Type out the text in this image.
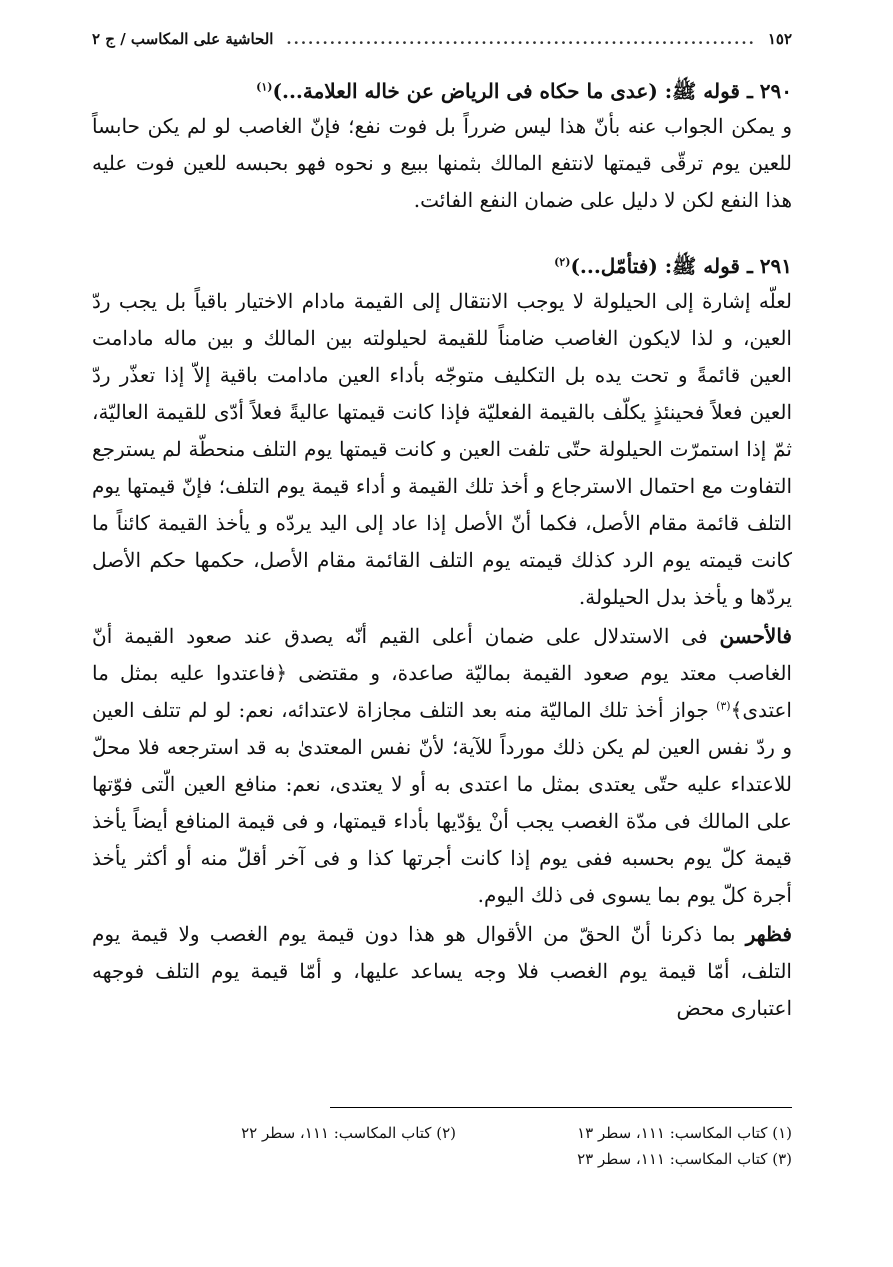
١٥٢
.....
الحاشية على المكاسب / ج ٢

٢٩٠ ـ قوله ﷺ: (عدى ما حكاه فى الرياض عن خاله العلامة...)$^{(١)}$

و يمكن الجواب عنه بأنّ هذا ليس ضرراً بل فوت نفع؛ فإنّ الغاصب لو لم يكن حابساً للعين يوم ترقّى قيمتها لانتفع المالك بثمنها ببيع و نحوه فهو بحبسه للعين فوت عليه هذا النفع لكن لا دليل على ضمان النفع الفائت.

٢٩١ ـ قوله ﷺ: (فتأمّل...)$^{(٢)}$

لعلّه إشارة إلى الحيلولة لا يوجب الانتقال إلى القيمة مادام الاختيار باقياً بل يجب ردّ العين، و لذا لايكون الغاصب ضامناً للقيمة لحيلولته بين المالك و بين ماله مادامت العين قائمةً و تحت يده بل التكليف متوجّه بأداء العين مادامت باقية إلاّ إذا تعذّر ردّ العين فعلاً فحينئذٍ يكلّف بالقيمة الفعليّة فإذا كانت قيمتها عاليةً فعلاً أدّى للقيمة العاليّة، ثمّ إذا استمرّت الحيلولة حتّى تلفت العين و كانت قيمتها يوم التلف منحطّة لم يسترجع التفاوت مع احتمال الاسترجاع و أخذ تلك القيمة و أداء قيمة يوم التلف؛ فإنّ قيمتها يوم التلف قائمة مقام الأصل، فكما أنّ الأصل إذا عاد إلى اليد يردّه و يأخذ القيمة كائناً ما كانت قيمته يوم الرد كذلك قيمته يوم التلف القائمة مقام الأصل، حكمها حكم الأصل يردّها و يأخذ بدل الحيلولة.

فالأحسن فى الاستدلال على ضمان أعلى القيم أنّه يصدق عند صعود القيمة أنّ الغاصب معتد يوم صعود القيمة بماليّة صاعدة، و مقتضى ﴿فاعتدوا عليه بمثل ما اعتدى﴾$^{(٣)}$ جواز أخذ تلك الماليّة منه بعد التلف مجازاة لاعتدائه، نعم: لو لم تتلف العين و ردّ نفس العين لم يكن ذلك مورداً للآية؛ لأنّ نفس المعتدىٰ به قد استرجعه فلا محلّ للاعتداء عليه حتّى يعتدى بمثل ما اعتدى به أو لا يعتدى، نعم: منافع العين الّتى فوّتها على المالك فى مدّة الغصب يجب أنْ يؤدّيها بأداء قيمتها، و فى قيمة المنافع أيضاً يأخذ قيمة كلّ يوم بحسبه ففى يوم إذا كانت أجرتها كذا و فى آخر أقلّ منه أو أكثر يأخذ أجرة كلّ يوم بما يسوى فى ذلك اليوم.

فظهر بما ذكرنا أنّ الحقّ من الأقوال هو هذا دون قيمة يوم الغصب ولا قيمة يوم التلف، أمّا قيمة يوم الغصب فلا وجه يساعد عليها، و أمّا قيمة يوم التلف فوجهه اعتبارى محض

(١) كتاب المكاسب: ١١١، سطر ١٣
(٢) كتاب المكاسب: ١١١، سطر ٢٢
(٣) كتاب المكاسب: ١١١، سطر ٢٣
